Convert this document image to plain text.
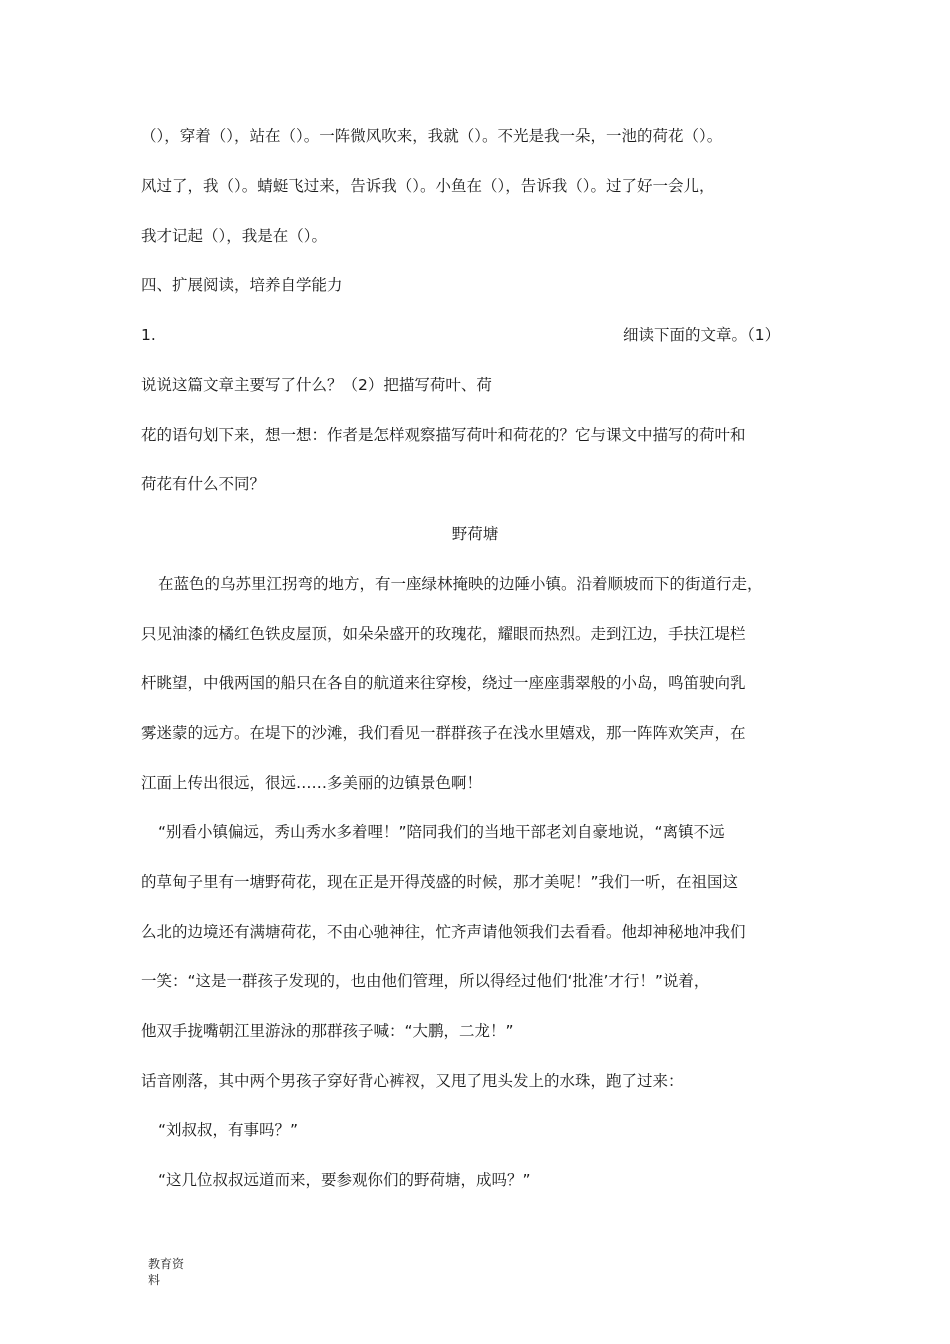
（），穿着（），站在（）。一阵微风吹来，我就（）。不光是我一朵，一池的荷花（）。

风过了，我（）。蜻蜓飞过来，告诉我（）。小鱼在（），告诉我（）。过了好一会儿，

我才记起（），我是在（）。

四、扩展阅读，培养自学能力

1.	细读下面的文章。（1）

说说这篇文章主要写了什么？（2）把描写荷叶、荷

花的语句划下来，想一想：作者是怎样观察描写荷叶和荷花的？它与课文中描写的荷叶和

荷花有什么不同？

野荷塘

在蓝色的乌苏里江拐弯的地方，有一座绿林掩映的边陲小镇。沿着顺坡而下的街道行走，

只见油漆的橘红色铁皮屋顶，如朵朵盛开的玫瑰花，耀眼而热烈。走到江边，手扶江堤栏

杆眺望，中俄两国的船只在各自的航道来往穿梭，绕过一座座翡翠般的小岛，鸣笛驶向乳

雾迷蒙的远方。在堤下的沙滩，我们看见一群群孩子在浅水里嬉戏，那一阵阵欢笑声，在

江面上传出很远，很远……多美丽的边镇景色啊！

“别看小镇偏远，秀山秀水多着哩！”陪同我们的当地干部老刘自豪地说，“离镇不远

的草甸子里有一塘野荷花，现在正是开得茂盛的时候，那才美呢！”我们一听，在祖国这

么北的边境还有满塘荷花，不由心驰神往，忙齐声请他领我们去看看。他却神秘地冲我们

一笑：“这是一群孩子发现的，也由他们管理，所以得经过他们‘批准’才行！”说着，

他双手拢嘴朝江里游泳的那群孩子喊：“大鹏，二龙！”

话音刚落，其中两个男孩子穿好背心裤衩，又甩了甩头发上的水珠，跑了过来：

“刘叔叔，有事吗？”

“这几位叔叔远道而来，要参观你们的野荷塘，成吗？”

教育资

料
